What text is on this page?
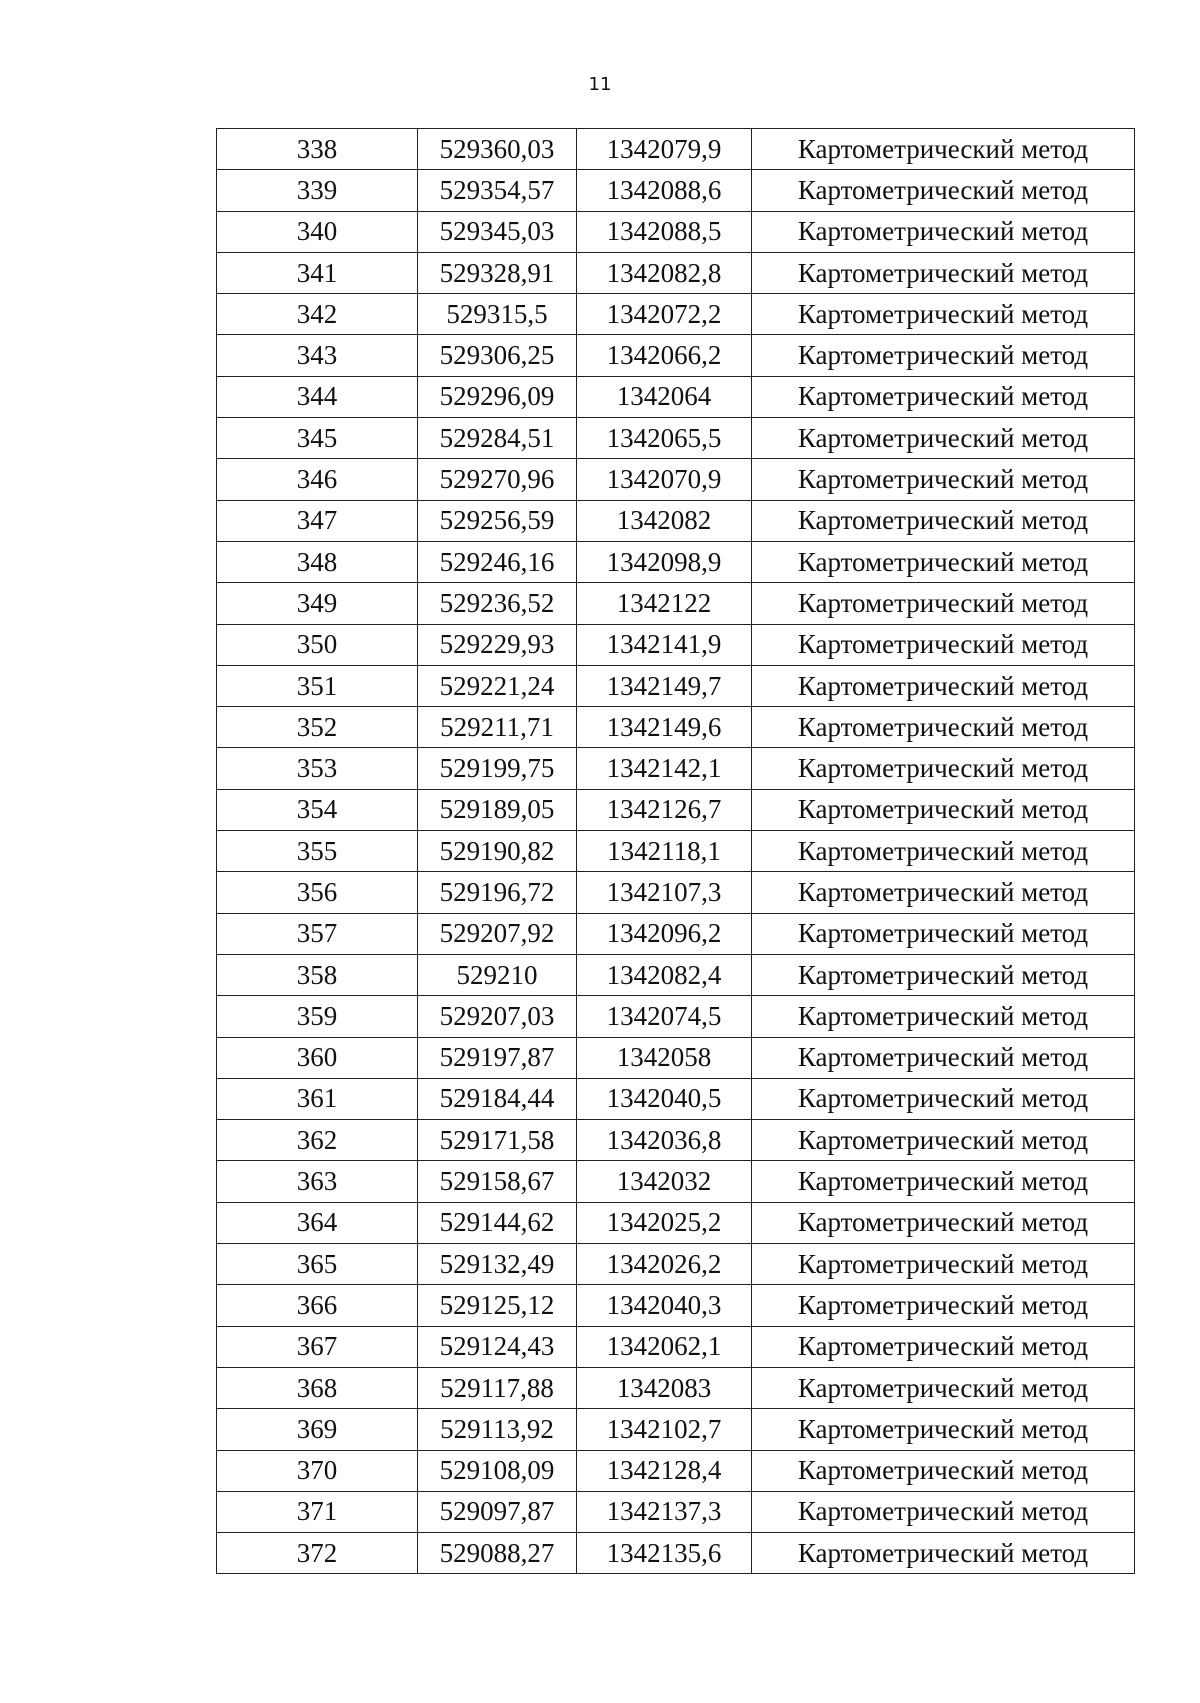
11
338	529360,03	1342079,9	Картометрический метод
339	529354,57	1342088,6	Картометрический метод
340	529345,03	1342088,5	Картометрический метод
341	529328,91	1342082,8	Картометрический метод
342	529315,5	1342072,2	Картометрический метод
343	529306,25	1342066,2	Картометрический метод
344	529296,09	1342064	Картометрический метод
345	529284,51	1342065,5	Картометрический метод
346	529270,96	1342070,9	Картометрический метод
347	529256,59	1342082	Картометрический метод
348	529246,16	1342098,9	Картометрический метод
349	529236,52	1342122	Картометрический метод
350	529229,93	1342141,9	Картометрический метод
351	529221,24	1342149,7	Картометрический метод
352	529211,71	1342149,6	Картометрический метод
353	529199,75	1342142,1	Картометрический метод
354	529189,05	1342126,7	Картометрический метод
355	529190,82	1342118,1	Картометрический метод
356	529196,72	1342107,3	Картометрический метод
357	529207,92	1342096,2	Картометрический метод
358	529210	1342082,4	Картометрический метод
359	529207,03	1342074,5	Картометрический метод
360	529197,87	1342058	Картометрический метод
361	529184,44	1342040,5	Картометрический метод
362	529171,58	1342036,8	Картометрический метод
363	529158,67	1342032	Картометрический метод
364	529144,62	1342025,2	Картометрический метод
365	529132,49	1342026,2	Картометрический метод
366	529125,12	1342040,3	Картометрический метод
367	529124,43	1342062,1	Картометрический метод
368	529117,88	1342083	Картометрический метод
369	529113,92	1342102,7	Картометрический метод
370	529108,09	1342128,4	Картометрический метод
371	529097,87	1342137,3	Картометрический метод
372	529088,27	1342135,6	Картометрический метод
